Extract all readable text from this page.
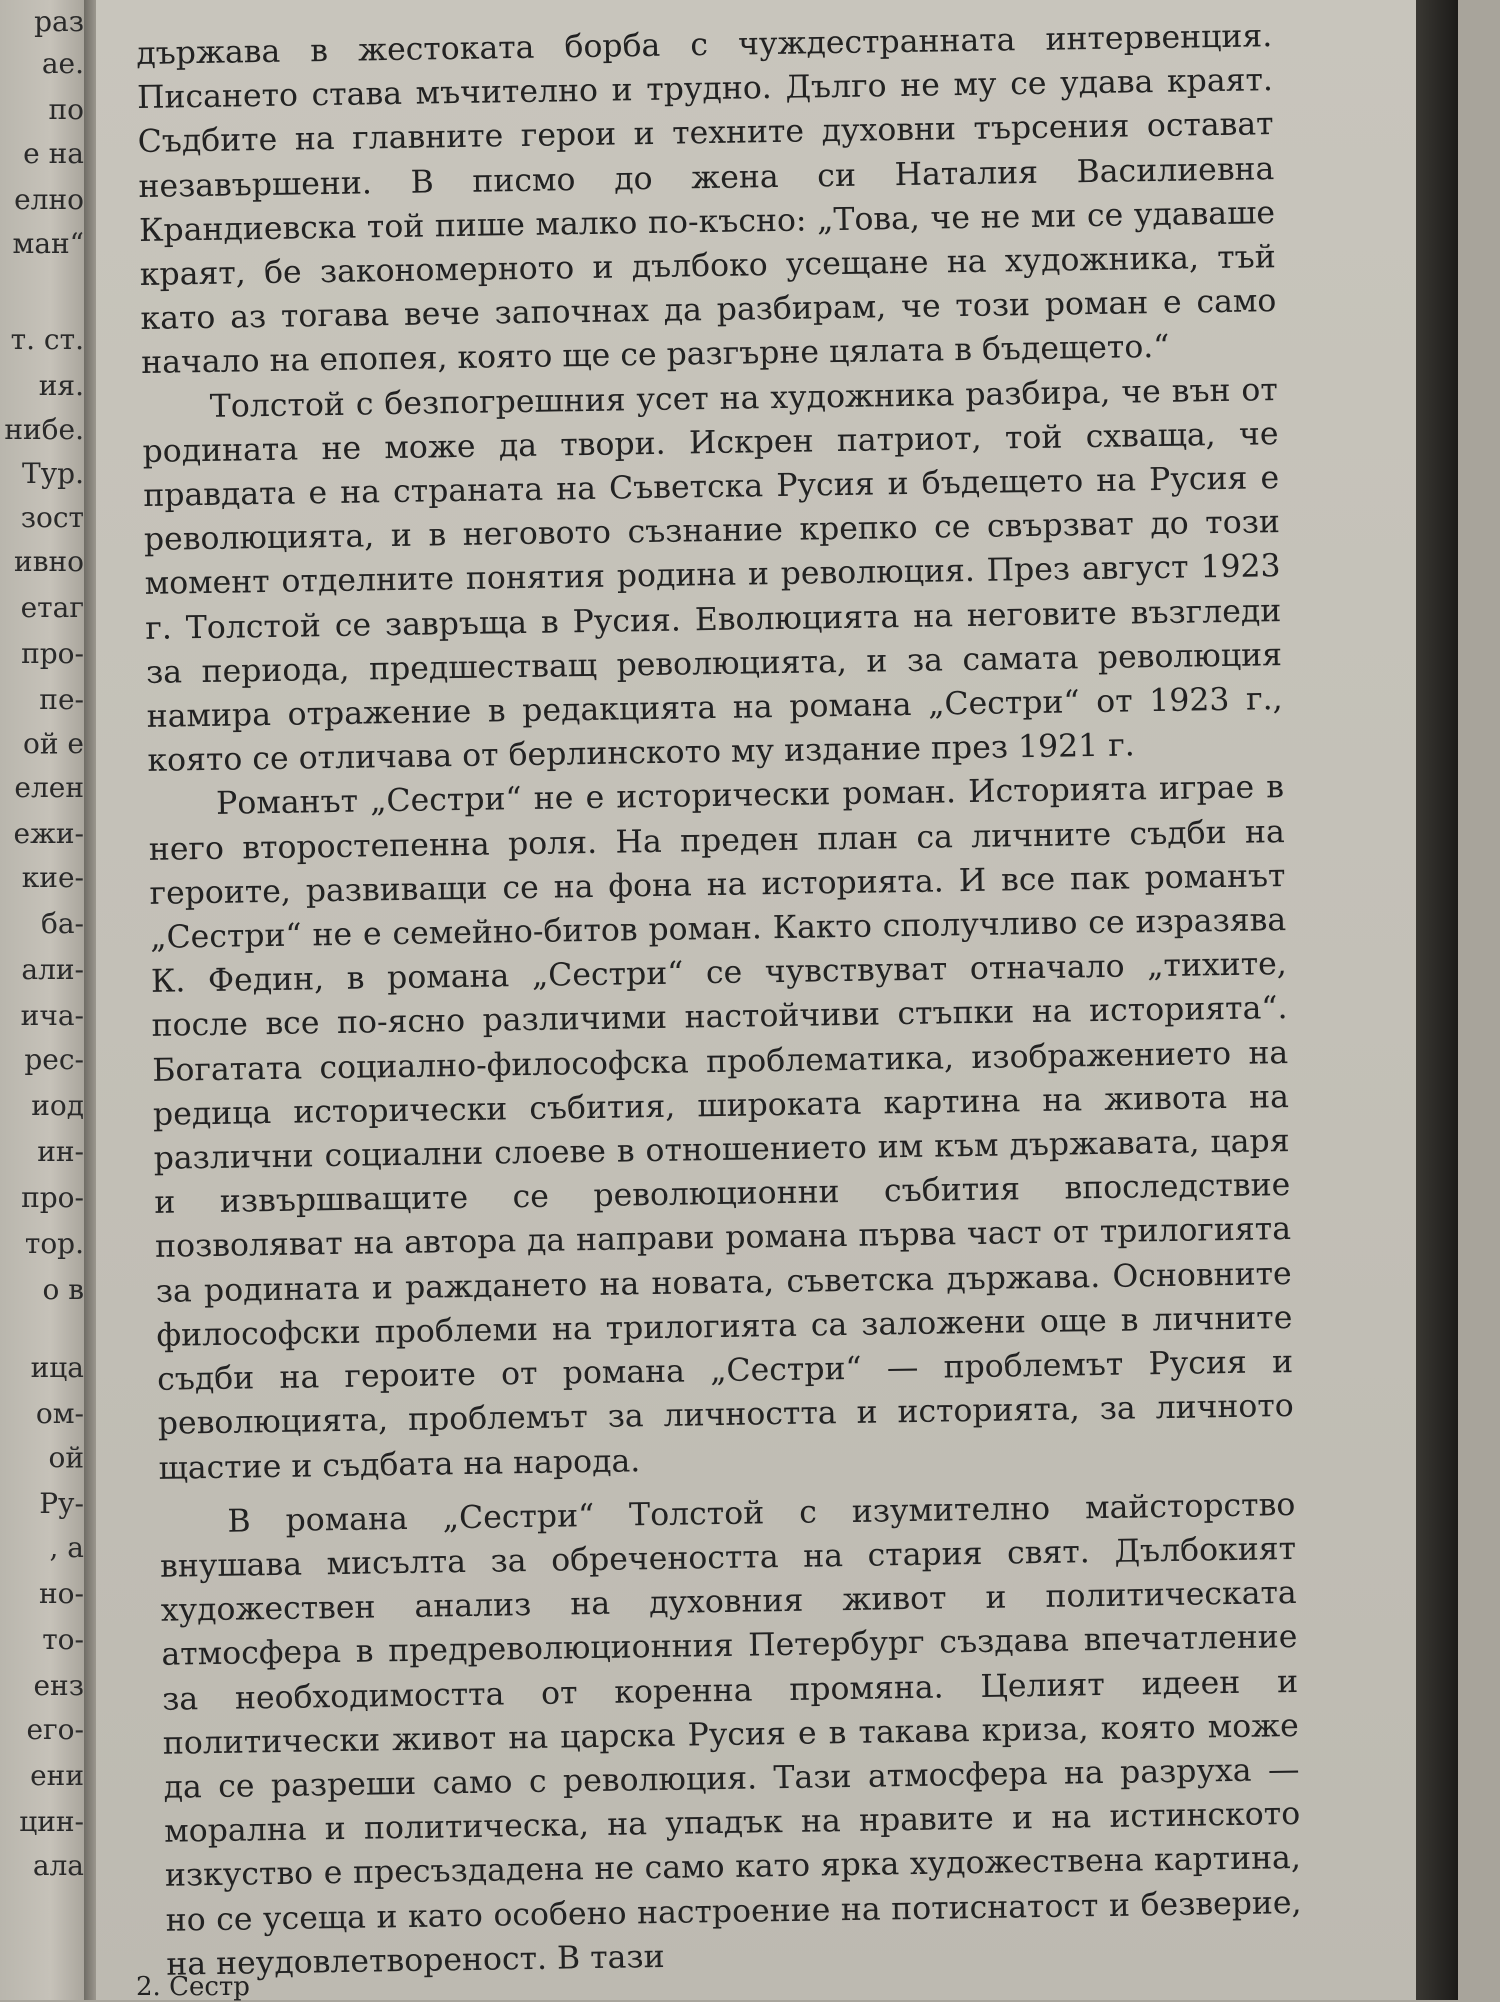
раз
ае.
по
е на
елно
ман“
т. ст.
ия.
нибе.
Тур.
зост
ивно
етаг
про-
пе-
ой е
елен
ежи-
кие-
ба-
али-
ича-
рес-
иод
ин-
про-
тор.
о в
ица
ом-
ой
Ру-
, а
но-
то-
енз
его-
ени
цин-
ала

държава в жестоката борба с чуждестранната интервенция. Писането става мъчително и трудно. Дълго не му се удава краят. Съдбите на главните герои и техните духовни търсения остават незавършени. В писмо до жена си Наталия Василиевна Крандиевска той пише малко по-късно: „Това, че не ми се удаваше краят, бе закономерното и дълбоко усещане на художника, тъй като аз тогава вече започнах да разбирам, че този роман е само начало на епопея, която ще се разгърне цялата в бъдещето.“

Толстой с безпогрешния усет на художника разбира, че вън от родината не може да твори. Искрен патриот, той схваща, че правдата е на страната на Съветска Русия и бъдещето на Русия е революцията, и в неговото съзнание крепко се свързват до този момент отделните понятия родина и революция. През август 1923 г. Толстой се завръща в Русия. Еволюцията на неговите възгледи за периода, предшестващ революцията, и за самата революция намира отражение в редакцията на романа „Сестри“ от 1923 г., която се отличава от берлинското му издание през 1921 г.

Романът „Сестри“ не е исторически роман. Историята играе в него второстепенна роля. На преден план са личните съдби на героите, развиващи се на фона на историята. И все пак романът „Сестри“ не е семейно-битов роман. Както сполучливо се изразява К. Федин, в романа „Сестри“ се чувствуват отначало „тихите, после все по-ясно различими настойчиви стъпки на историята“. Богатата социално-философска проблематика, изображението на редица исторически събития, широката картина на живота на различни социални слоеве в отношението им към държавата, царя и извършващите се революционни събития впоследствие позволяват на автора да направи романа първа част от трилогията за родината и раждането на новата, съветска държава. Основните философски проблеми на трилогията са заложени още в личните съдби на героите от романа „Сестри“ — проблемът Русия и революцията, проблемът за личността и историята, за личното щастие и съдбата на народа.

В романа „Сестри“ Толстой с изумително майсторство внушава мисълта за обречеността на стария свят. Дълбокият художествен анализ на духовния живот и политическата атмосфера в предреволюционния Петербург създава впечатление за необходимостта от коренна промяна. Целият идеен и политически живот на царска Русия е в такава криза, която може да се разреши само с революция. Тази атмосфера на разруха — морална и политическа, на упадък на нравите и на истинското изкуство е пресъздадена не само като ярка художествена картина, но се усеща и като особено настроение на потиснатост и безверие, на неудовлетвореност. В тази

2. Сестр
